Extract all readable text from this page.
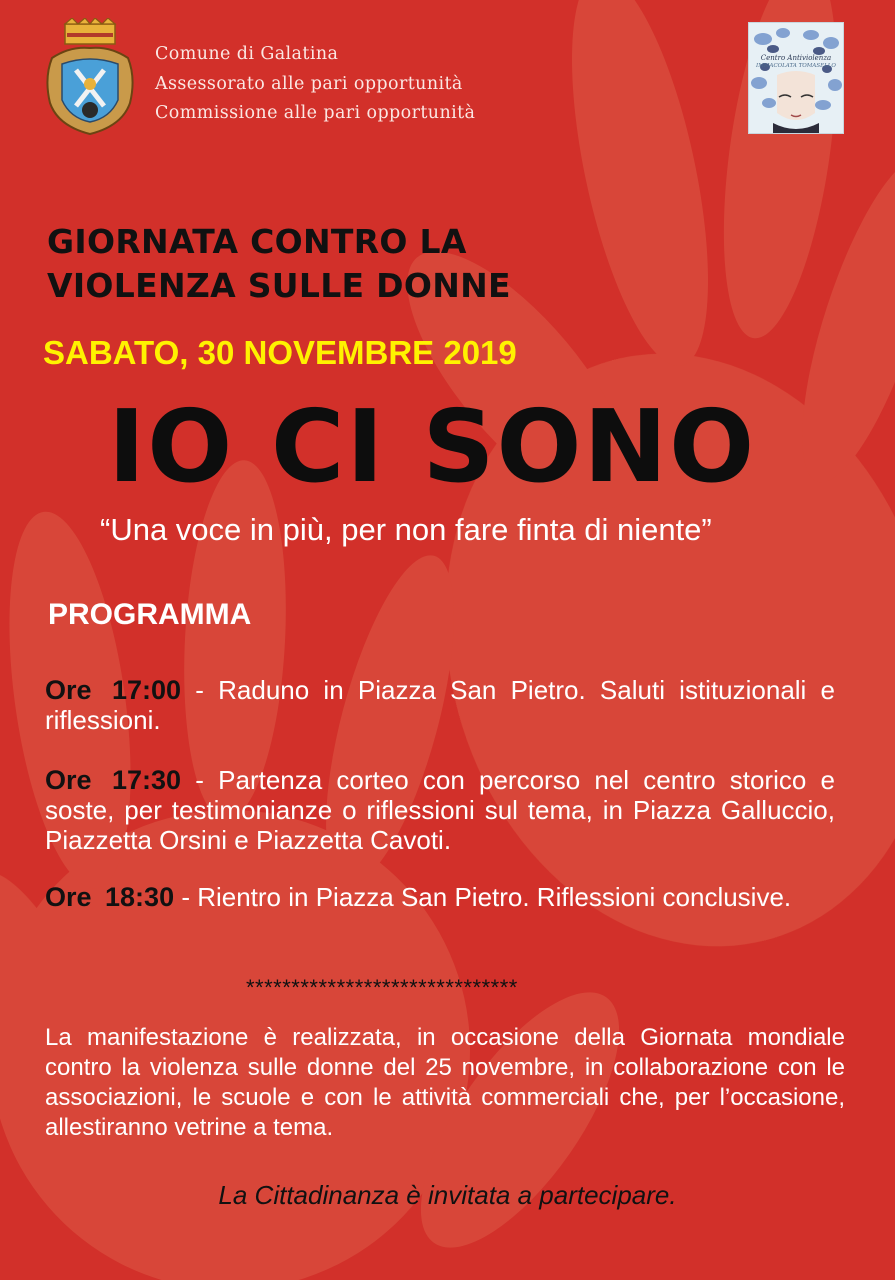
Comune di Galatina
Assessorato alle pari opportunità
Commissione alle pari opportunità
Centro Antiviolenza
IMMACOLATA TOMASELLO
GIORNATA CONTRO LA
VIOLENZA SULLE DONNE
SABATO, 30 NOVEMBRE 2019
IO CI SONO
“Una voce in più, per non fare finta di niente”
PROGRAMMA
Ore 17:00 - Raduno in Piazza San Pietro. Saluti istituzionali e riflessioni.
Ore 17:30 - Partenza corteo con percorso nel centro storico e soste, per testimonianze o riflessioni sul tema, in Piazza Galluccio, Piazzetta Orsini e Piazzetta Cavoti.
Ore 18:30 - Rientro in Piazza San Pietro. Riflessioni conclusive.
******************************
La manifestazione è realizzata, in occasione della Giornata mondiale contro la violenza sulle donne del 25 novembre, in collaborazione con le associazioni, le scuole e con le attività commerciali che, per l’occasione, allestiranno vetrine a tema.
La Cittadinanza è invitata a partecipare.
